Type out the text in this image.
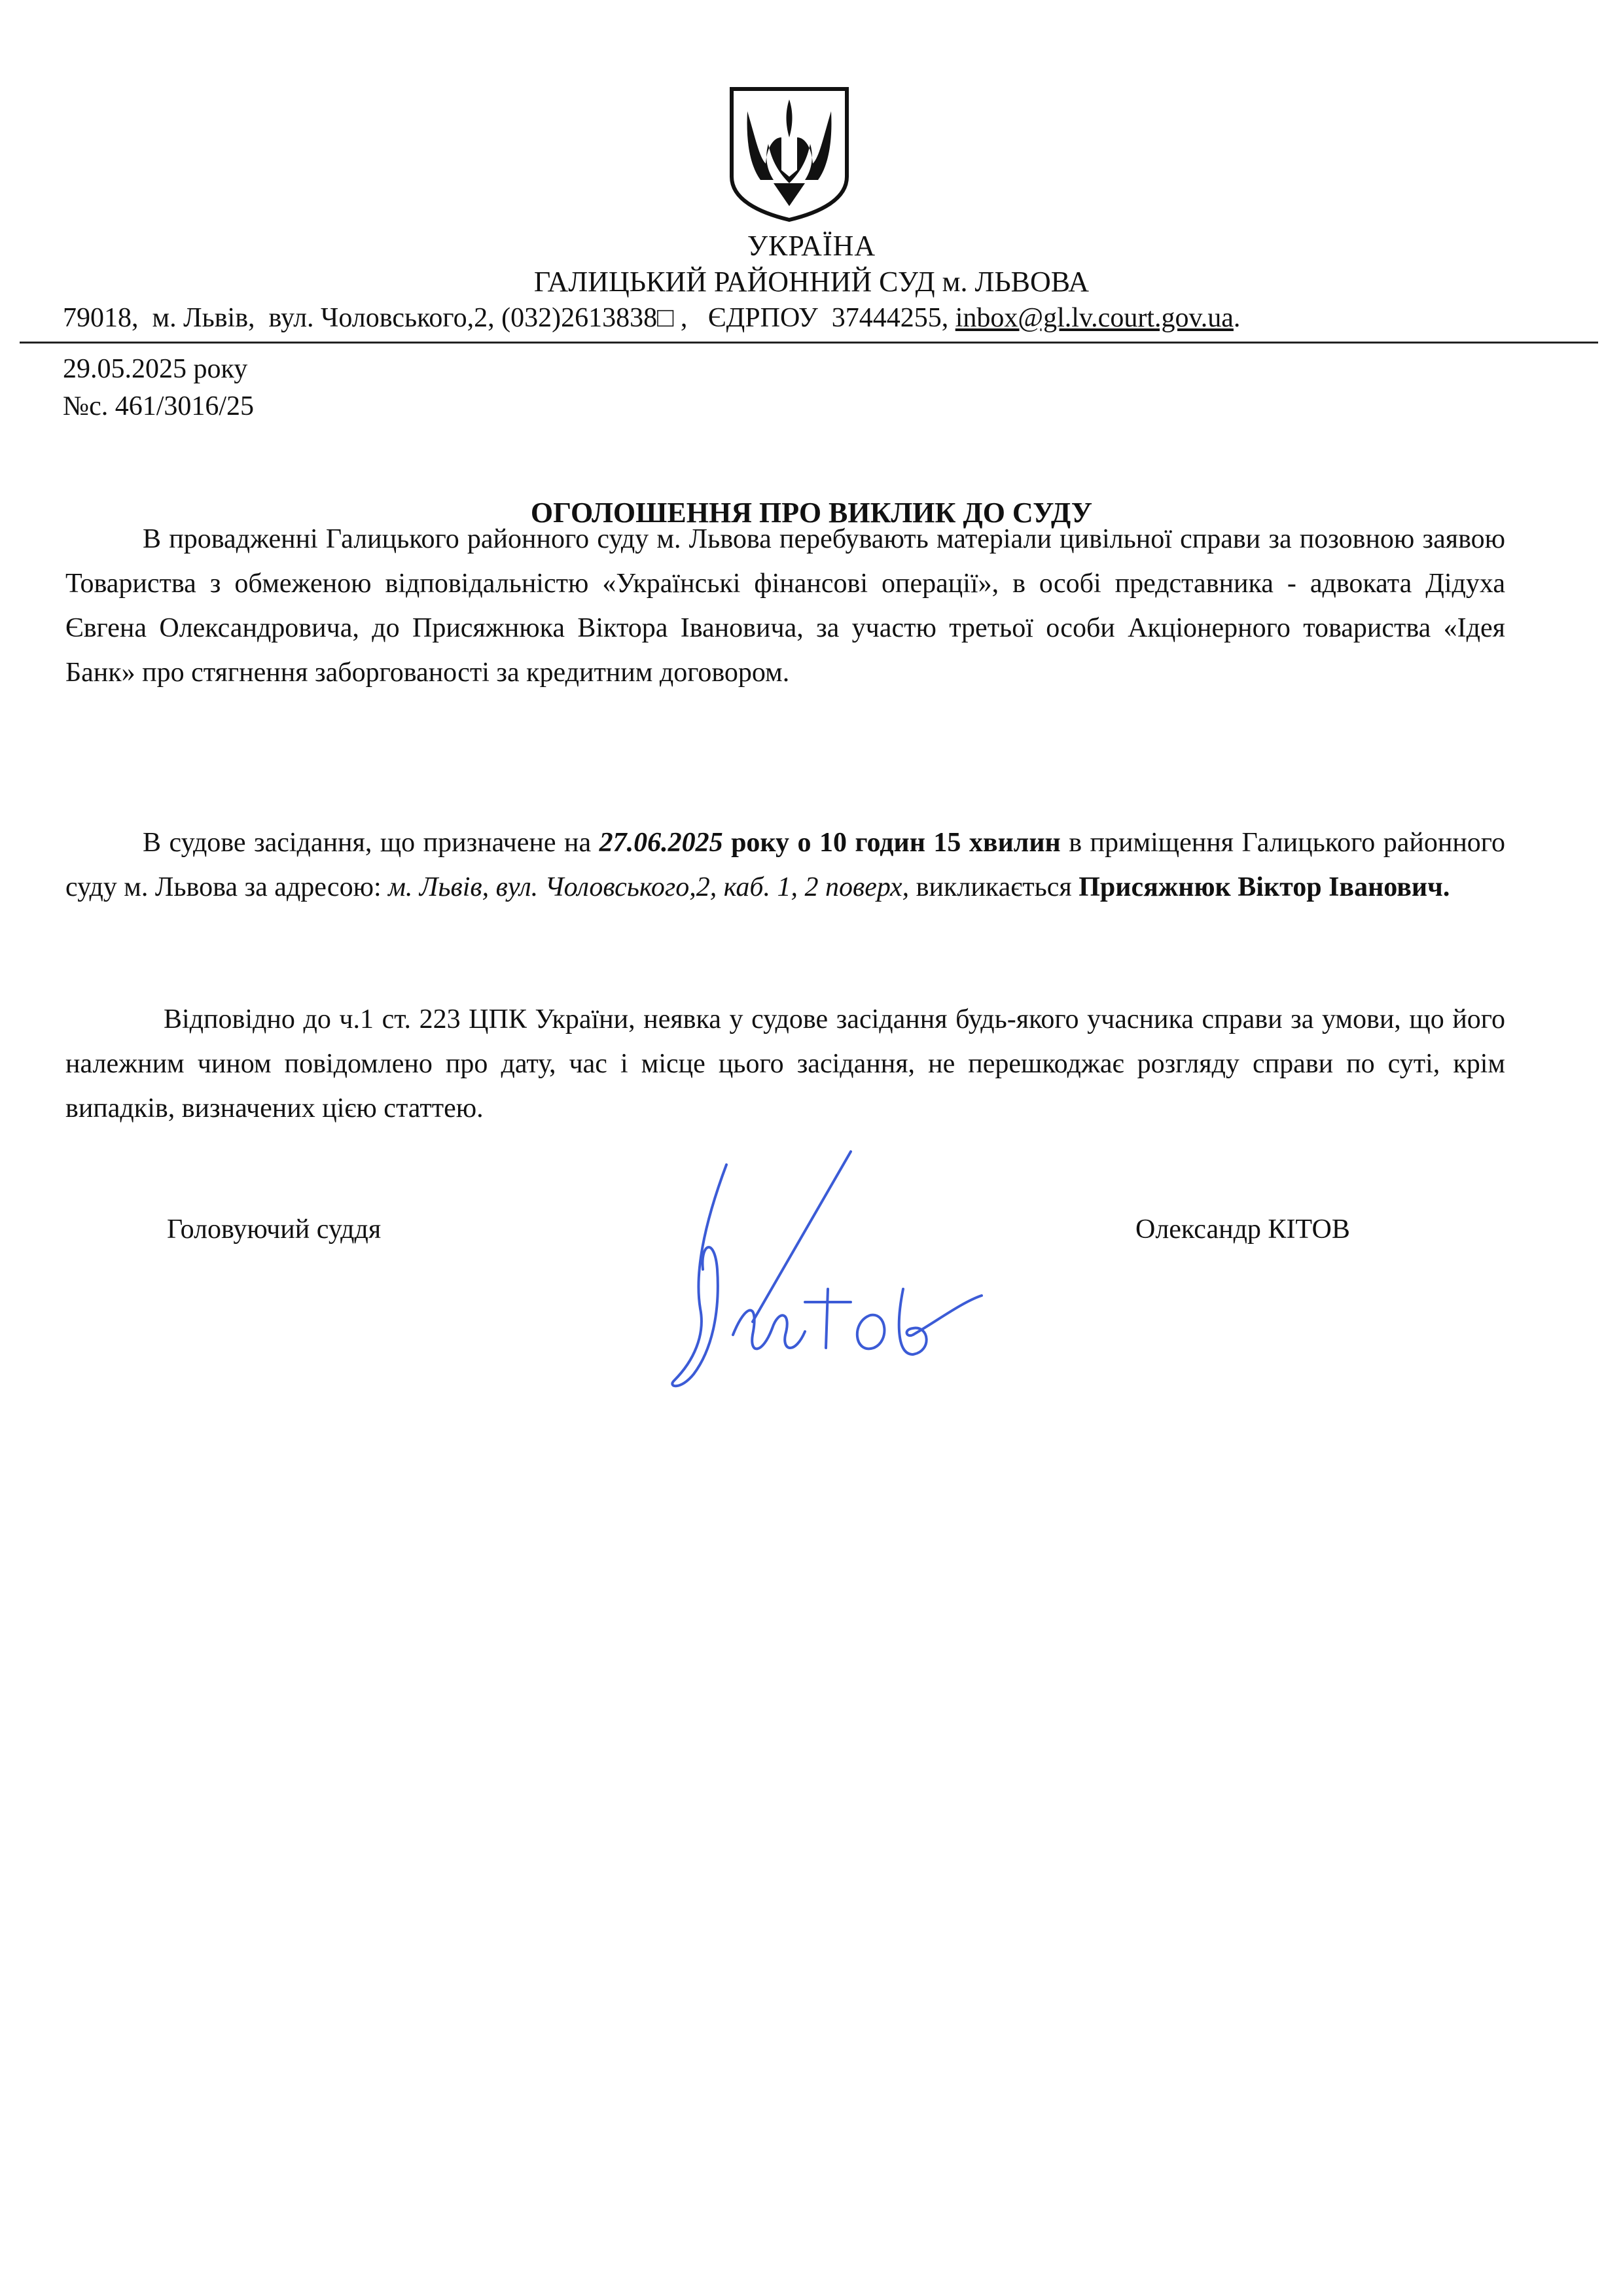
УКРАЇНА
ГАЛИЦЬКИЙ РАЙОННИЙ СУД м. ЛЬВОВА
79018,  м. Львів,  вул. Чоловського,2, (032)2613838□ ,   ЄДРПОУ  37444255, inbox@gl.lv.court.gov.ua.
29.05.2025 року
№с. 461/3016/25
ОГОЛОШЕННЯ ПРО ВИКЛИК ДО СУДУ
В провадженні Галицького районного суду м. Львова перебувають матеріали цивільної справи за позовною заявою Товариства з обмеженою відповідальністю «Українські фінансові операції», в особі представника - адвоката Дідуха Євгена Олександровича, до Присяжнюка Віктора Івановича, за участю третьої особи Акціонерного товариства «Ідея Банк» про стягнення заборгованості за кредитним договором.
В судове засідання, що призначене на 27.06.2025 року о 10 годин 15 хвилин в приміщення Галицького районного суду м. Львова за адресою: м. Львів, вул. Чоловського,2, каб. 1, 2 поверх, викликається Присяжнюк Віктор Іванович.
Відповідно до ч.1 ст. 223 ЦПК України, неявка у судове засідання будь-якого учасника справи за умови, що його належним чином повідомлено про дату, час і місце цього засідання, не перешкоджає розгляду справи по суті, крім випадків, визначених цією статтею.
Головуючий суддя	Олександр КІТОВ
